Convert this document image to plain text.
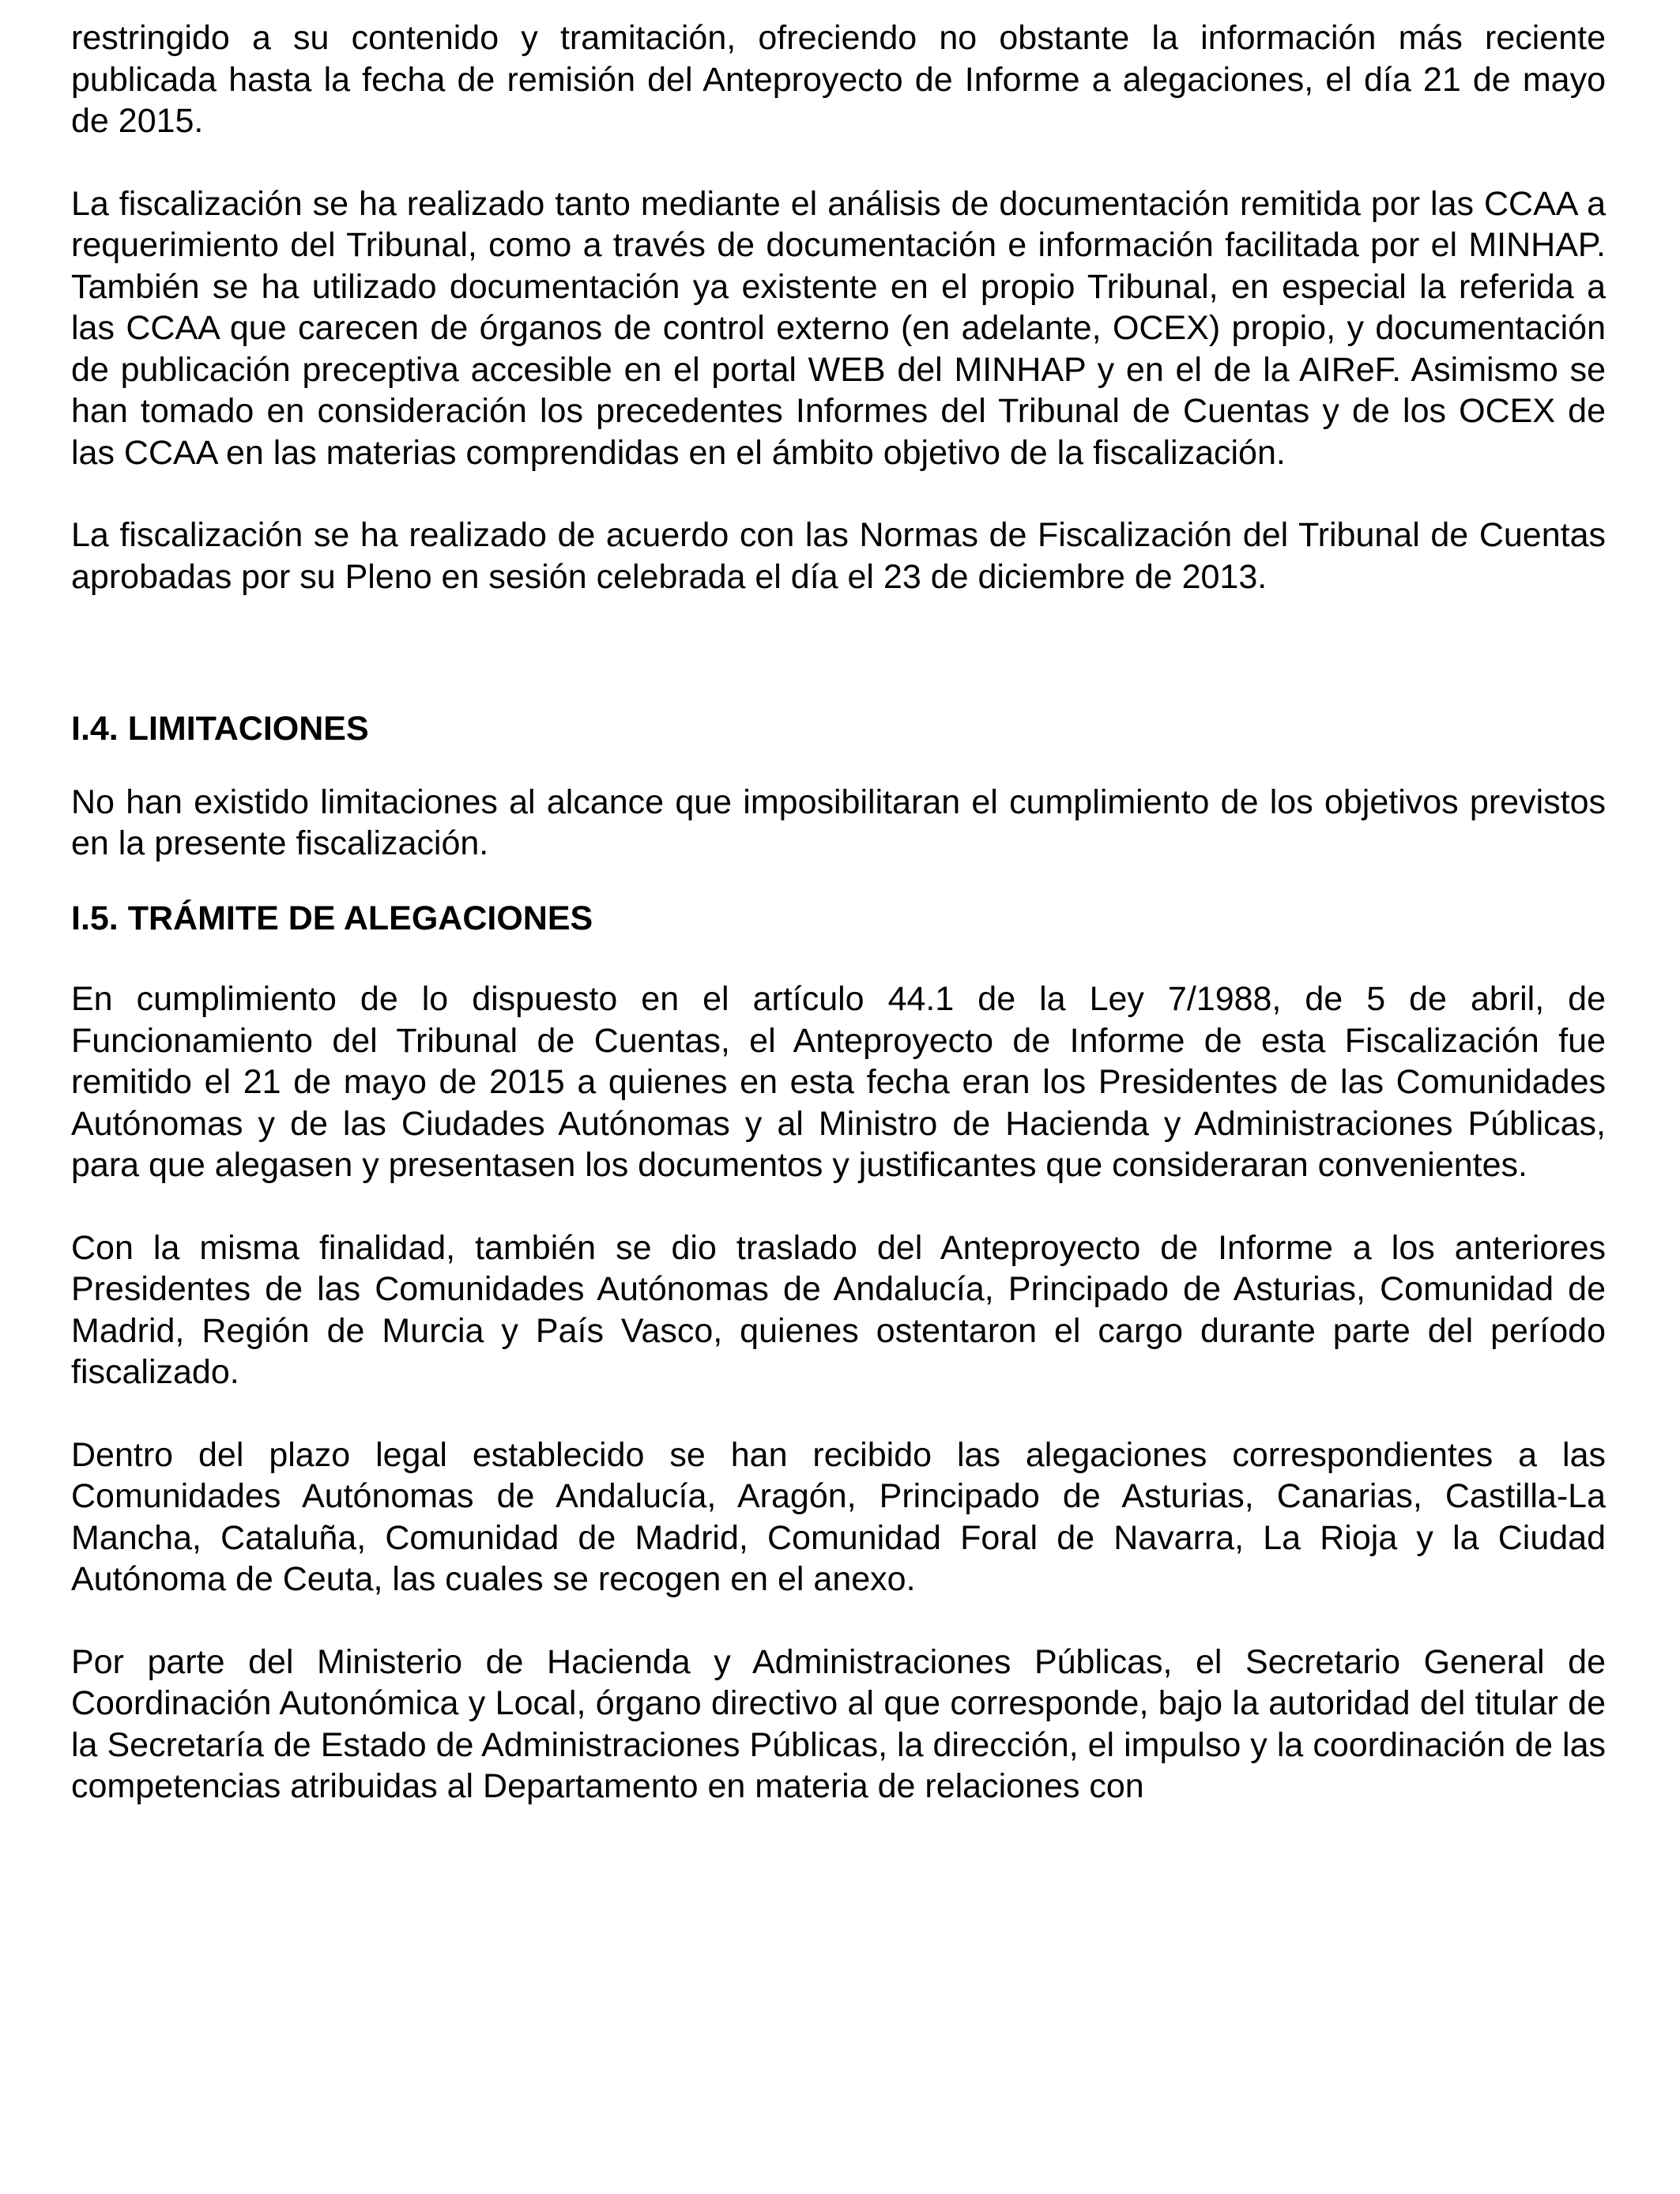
restringido a su contenido y tramitación, ofreciendo no obstante la información más reciente publicada hasta la fecha de remisión del Anteproyecto de Informe a alegaciones, el día 21 de mayo de 2015.

La fiscalización se ha realizado tanto mediante el análisis de documentación remitida por las CCAA a requerimiento del Tribunal, como a través de documentación e información facilitada por el MINHAP. También se ha utilizado documentación ya existente en el propio Tribunal, en especial la referida a las CCAA que carecen de órganos de control externo (en adelante, OCEX) propio, y documentación de publicación preceptiva accesible en el portal WEB del MINHAP y en el de la AIReF. Asimismo se han tomado en consideración los precedentes Informes del Tribunal de Cuentas y de los OCEX de las CCAA en las materias comprendidas en el ámbito objetivo de la fiscalización.

La fiscalización se ha realizado de acuerdo con las Normas de Fiscalización del Tribunal de Cuentas aprobadas por su Pleno en sesión celebrada el día el 23 de diciembre de 2013.

I.4. LIMITACIONES

No han existido limitaciones al alcance que imposibilitaran el cumplimiento de los objetivos previstos en la presente fiscalización.

I.5. TRÁMITE DE ALEGACIONES

En cumplimiento de lo dispuesto en el artículo 44.1 de la Ley 7/1988, de 5 de abril, de Funcionamiento del Tribunal de Cuentas, el Anteproyecto de Informe de esta Fiscalización fue remitido el 21 de mayo de 2015 a quienes en esta fecha eran los Presidentes de las Comunidades Autónomas y de las Ciudades Autónomas y al Ministro de Hacienda y Administraciones Públicas, para que alegasen y presentasen los documentos y justificantes que consideraran convenientes.

Con la misma finalidad, también se dio traslado del Anteproyecto de Informe a los anteriores Presidentes de las Comunidades Autónomas de Andalucía, Principado de Asturias, Comunidad de Madrid, Región de Murcia y País Vasco, quienes ostentaron el cargo durante parte del período fiscalizado.

Dentro del plazo legal establecido se han recibido las alegaciones correspondientes a las Comunidades Autónomas de Andalucía, Aragón, Principado de Asturias, Canarias, Castilla-La Mancha, Cataluña, Comunidad de Madrid, Comunidad Foral de Navarra, La Rioja y la Ciudad Autónoma de Ceuta, las cuales se recogen en el anexo.

Por parte del Ministerio de Hacienda y Administraciones Públicas, el Secretario General de Coordinación Autonómica y Local, órgano directivo al que corresponde, bajo la autoridad del titular de la Secretaría de Estado de Administraciones Públicas, la dirección, el impulso y la coordinación de las competencias atribuidas al Departamento en materia de relaciones con
